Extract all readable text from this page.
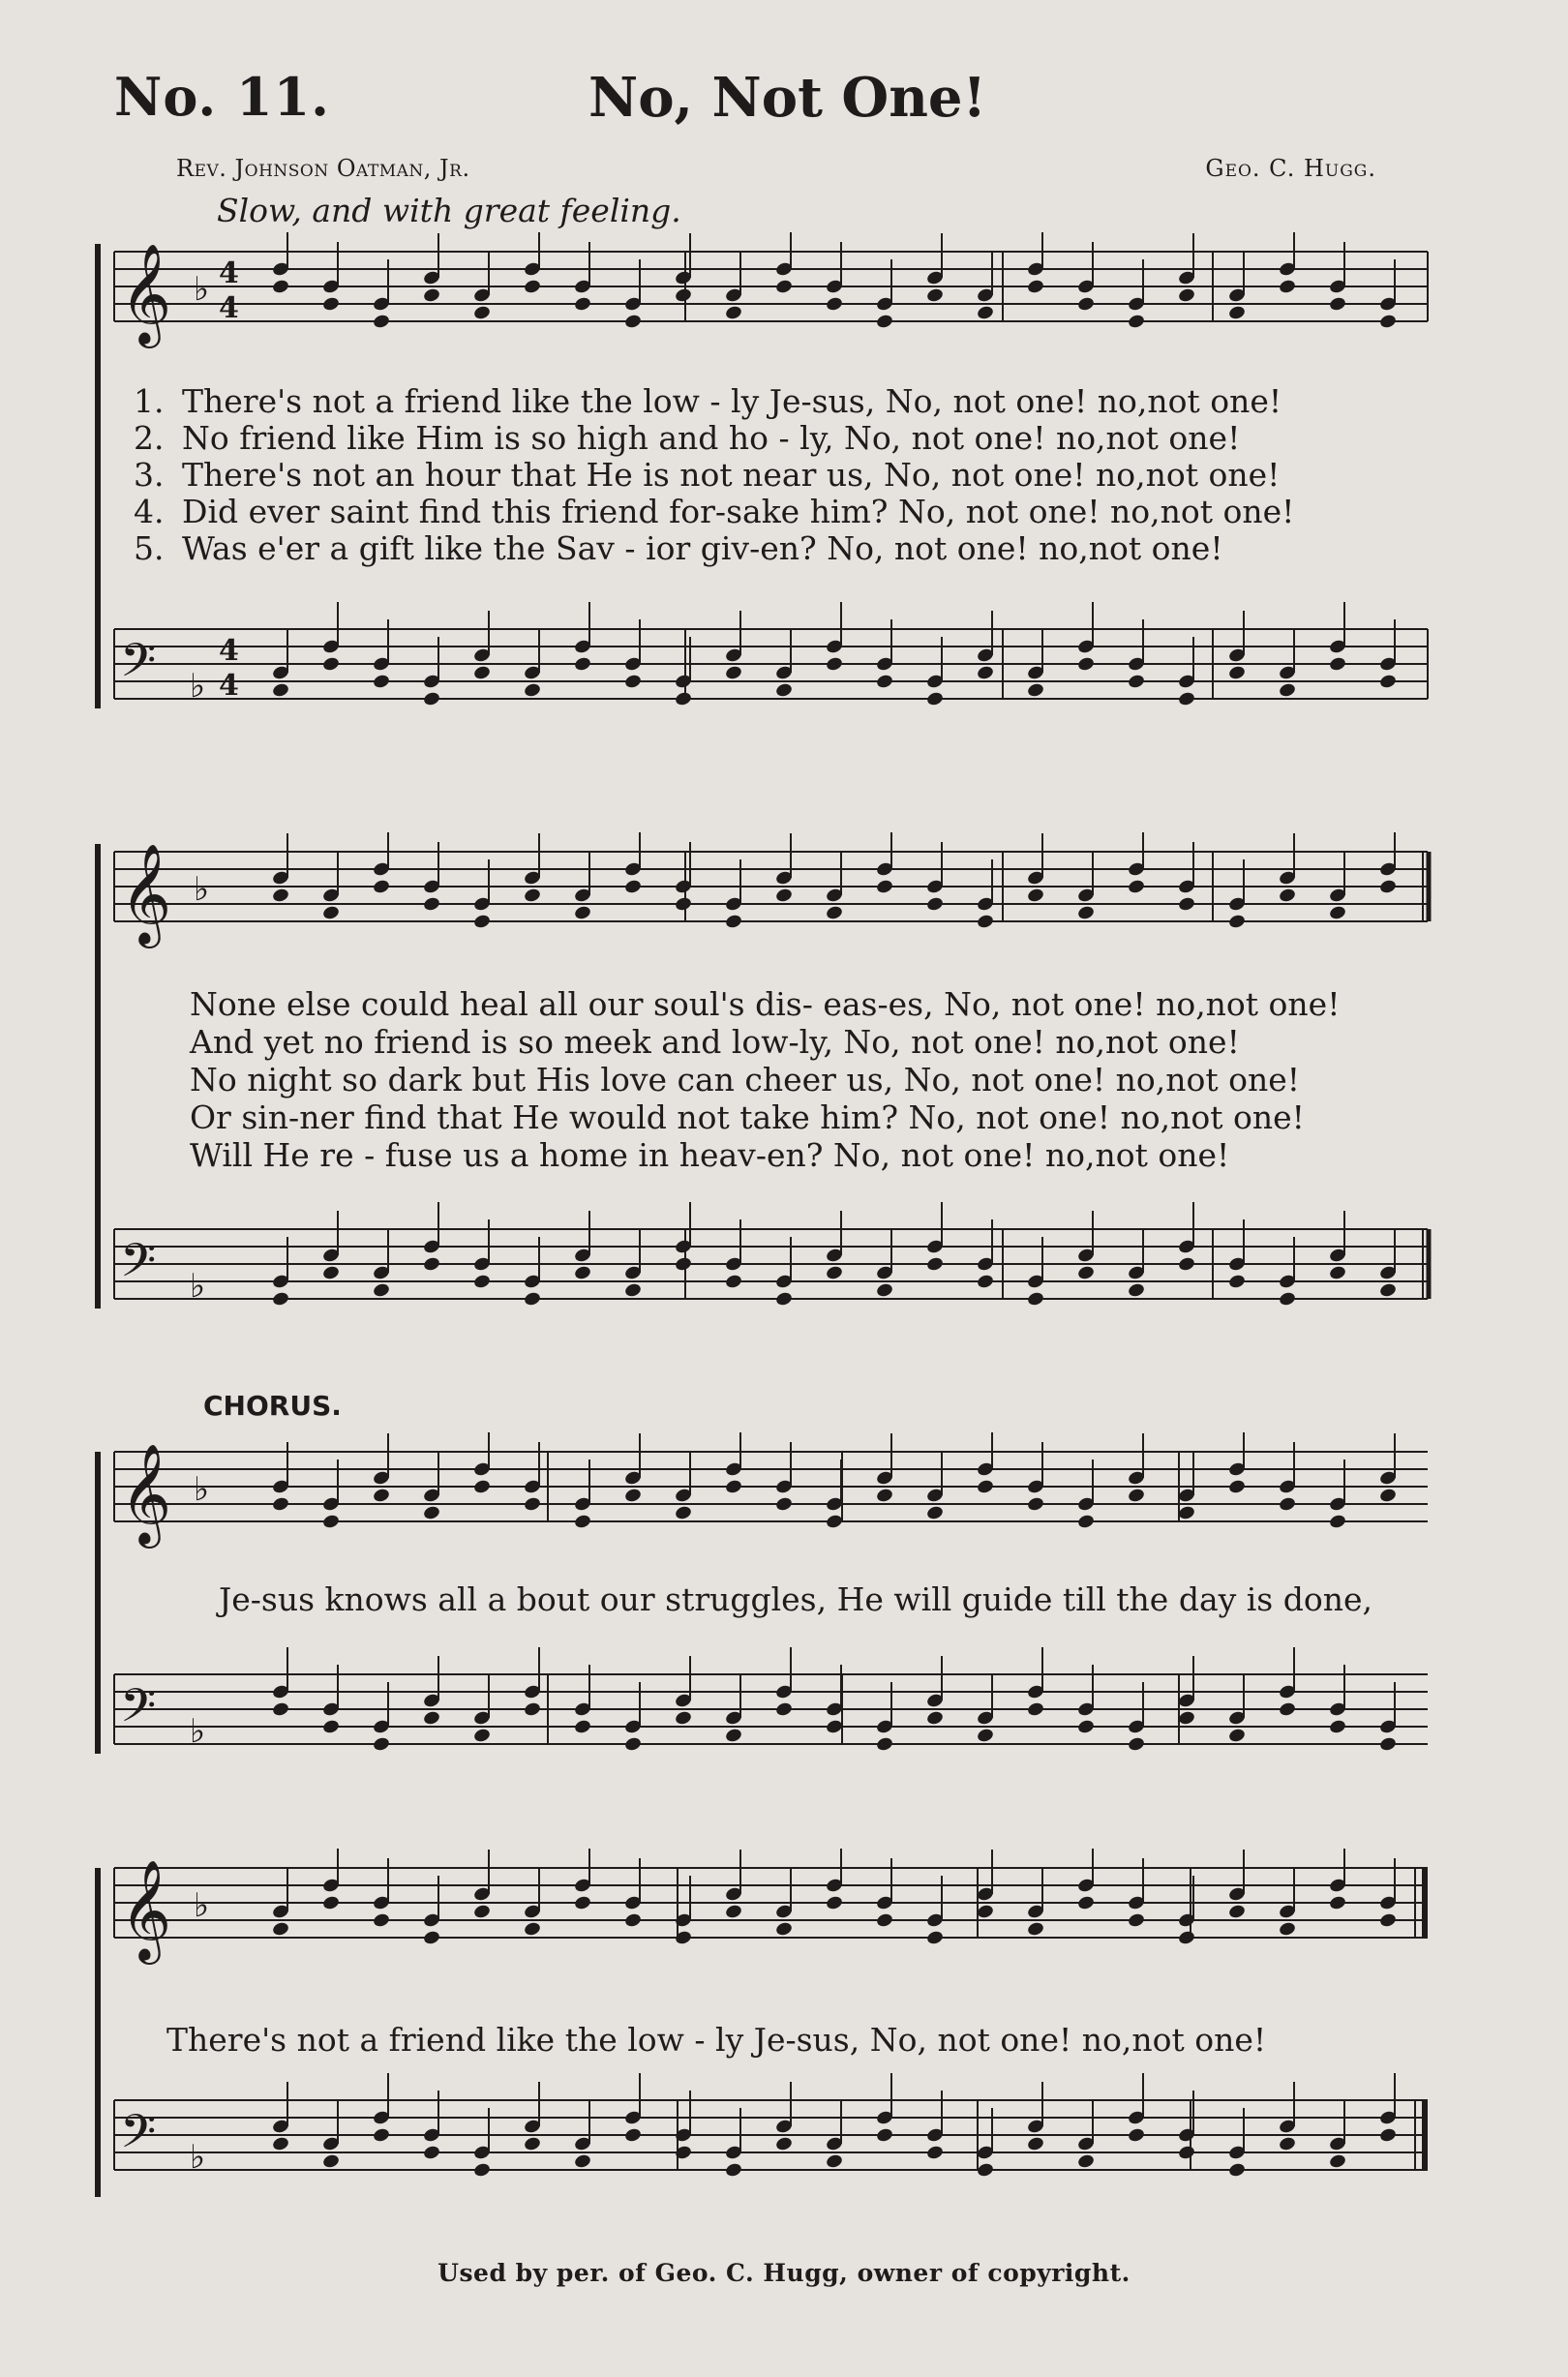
No. 11.	No, Not One!
Rev. Johnson Oatman, Jr.	Geo. C. Hugg.
Slow, and with great feeling.
𝄞 ♭ 4
4
𝄢 ♭
4
4
1. There's not a friend like the low - ly Je-sus, No, not one! no,not one!
2. No friend like Him is so high and ho - ly, No, not one! no,not one!
3. There's not an hour that He is not near us, No, not one! no,not one!
4. Did ever saint find this friend for-sake him? No, not one! no,not one!
5. Was e'er a gift like the Sav - ior giv-en? No, not one! no,not one!
𝄞 ♭
None else could heal all our soul's dis- eas-es, No, not one! no,not one!
And yet no friend is so meek and low-ly, No, not one! no,not one!
No night so dark but His love can cheer us, No, not one! no,not one!
Or sin-ner find that He would not take him? No, not one! no,not one!
Will He re - fuse us a home in heav-en? No, not one! no,not one!
𝄢 ♭
CHORUS.
𝄞 ♭
Je-sus knows all a bout our struggles, He will guide till the day is done,
𝄢 ♭
𝄞 ♭
There's not a friend like the low - ly Je-sus, No, not one! no,not one!
𝄢 ♭
Used by per. of Geo. C. Hugg, owner of copyright.
